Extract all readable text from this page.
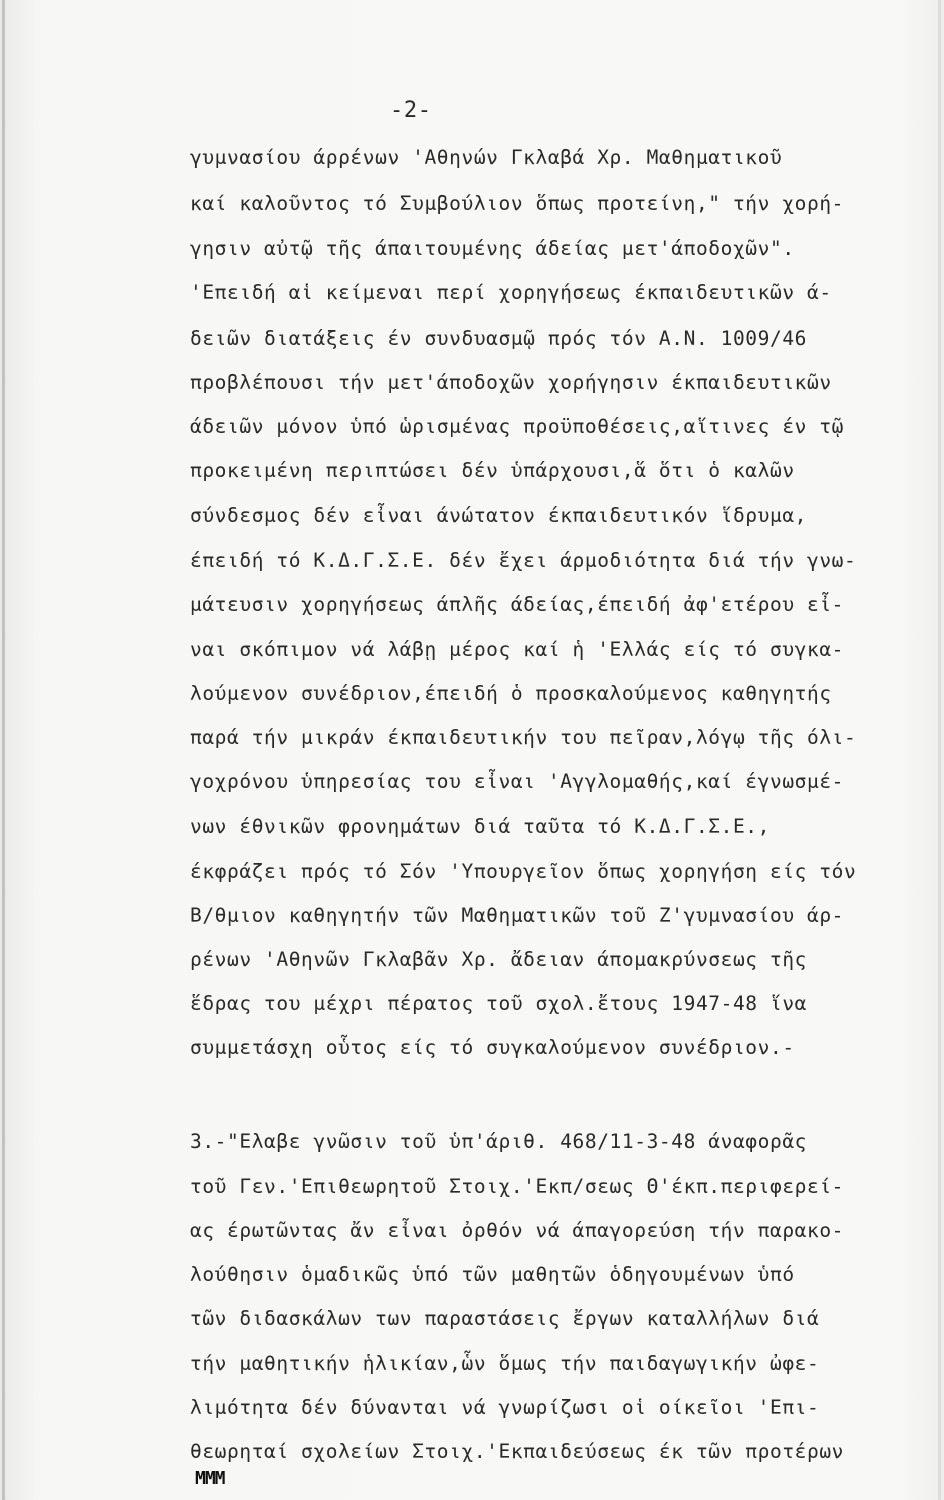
-2-
γυμνασίου άρρένων 'Αθηνών Γκλαβά Χρ. Μαθηματικοῦ
καί καλοῦντος τό Συμβούλιον ὅπως προτείνη," τήν χορή-
γησιν αὐτῷ τῆς άπαιτουμένης άδείας μετ'άποδοχῶν".
'Επειδή αἱ κείμεναι περί χορηγήσεως έκπαιδευτικῶν ά-
δειῶν διατάξεις έν συνδυασμῷ πρός τόν Α.Ν. 1009/46
προβλέπουσι τήν μετ'άποδοχῶν χορήγησιν έκπαιδευτικῶν
άδειῶν μόνον ὑπό ὡρισμένας προϋποθέσεις,αἵτινες έν τῷ
προκειμένη περιπτώσει δέν ὑπάρχουσι,ἅ ὅτι ὁ καλῶν
σύνδεσμος δέν εἶναι άνώτατον έκπαιδευτικόν ἵδρυμα,
έπειδή τό Κ.Δ.Γ.Σ.Ε. δέν ἔχει άρμοδιότητα διά τήν γνω-
μάτευσιν χορηγήσεως άπλῆς άδείας,έπειδή ἀφ'ετέρου εἶ-
ναι σκόπιμον νά λάβῃ μέρος καί ἡ 'Ελλάς είς τό συγκα-
λούμενον συνέδριον,έπειδή ὁ προσκαλούμενος καθηγητής
παρά τήν μικράν έκπαιδευτικήν του πεῖραν,λόγῳ τῆς όλι-
γοχρόνου ὑπηρεσίας του εἶναι 'Αγγλομαθής,καί έγνωσμέ-
νων έθνικῶν φρονημάτων διά ταῦτα τό Κ.Δ.Γ.Σ.Ε.,
έκφράζει πρός τό Σόν 'Υπουργεῖον ὅπως χορηγήση είς τόν
Β/θμιον καθηγητήν τῶν Μαθηματικῶν τοῦ Ζ'γυμνασίου άρ-
ρένων 'Αθηνῶν Γκλαβᾶν Χρ. ἄδειαν άπομακρύνσεως τῆς
ἕδρας του μέχρι πέρατος τοῦ σχολ.ἔτους 1947-48 ἵνα
συμμετάσχη οὗτος είς τό συγκαλούμενον συνέδριον.-
3.-"Ελαβε γνῶσιν τοῦ ὑπ'άριθ. 468/11-3-48 άναφορᾶς
τοῦ Γεν.'Επιθεωρητοῦ Στοιχ.'Εκπ/σεως Θ'έκπ.περιφερεί-
ας έρωτῶντας ἄν εἶναι ὀρθόν νά άπαγορεύση τήν παρακο-
λούθησιν ὁμαδικῶς ὑπό τῶν μαθητῶν ὁδηγουμένων ὑπό
τῶν διδασκάλων των παραστάσεις ἔργων καταλλήλων διά
τήν μαθητικήν ἡλικίαν,ὧν ὅμως τήν παιδαγωγικήν ὠφε-
λιμότητα δέν δύνανται νά γνωρίζωσι οἱ οίκεῖοι 'Επι-
θεωρηταί σχολείων Στοιχ.'Εκπαιδεύσεως έκ τῶν προτέρων
ΜΜΜ
